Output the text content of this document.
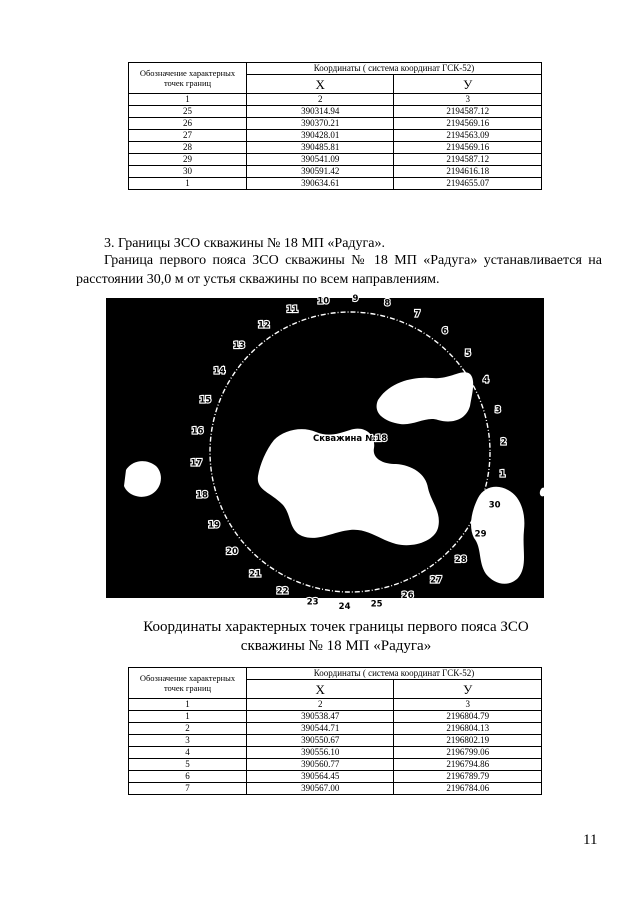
Обозначение характерных точек границ	Координаты ( система координат ГСК-52)	
	X	У
1	2	3
25	390314.94	2194587.12
26	390370.21	2194569.16
27	390428.01	2194563.09
28	390485.81	2194569.16
29	390541.09	2194587.12
30	390591.42	2194616.18
1	390634.61	2194655.07
3. Границы ЗСО скважины № 18 МП «Радуга».
Граница первого пояса ЗСО скважины № 18 МП «Радуга» устанавливается на расстоянии 30,0 м от устья скважины по всем направлениям.
Скважина №18
1
2
3
4
5
6
7
8
9
10
11
12
13
14
15
16
17
18
19
20
21
22
23 24 25
26
27
28
29
30
Координаты характерных точек границы первого пояса ЗСО скважины № 18 МП «Радуга»
Обозначение характерных точек границ	Координаты ( система координат ГСК-52)	
	X	У
1	2	3
1	390538.47	2196804.79
2	390544.71	2196804.13
3	390550.67	2196802.19
4	390556.10	2196799.06
5	390560.77	2196794.86
6	390564.45	2196789.79
7	390567.00	2196784.06
11
